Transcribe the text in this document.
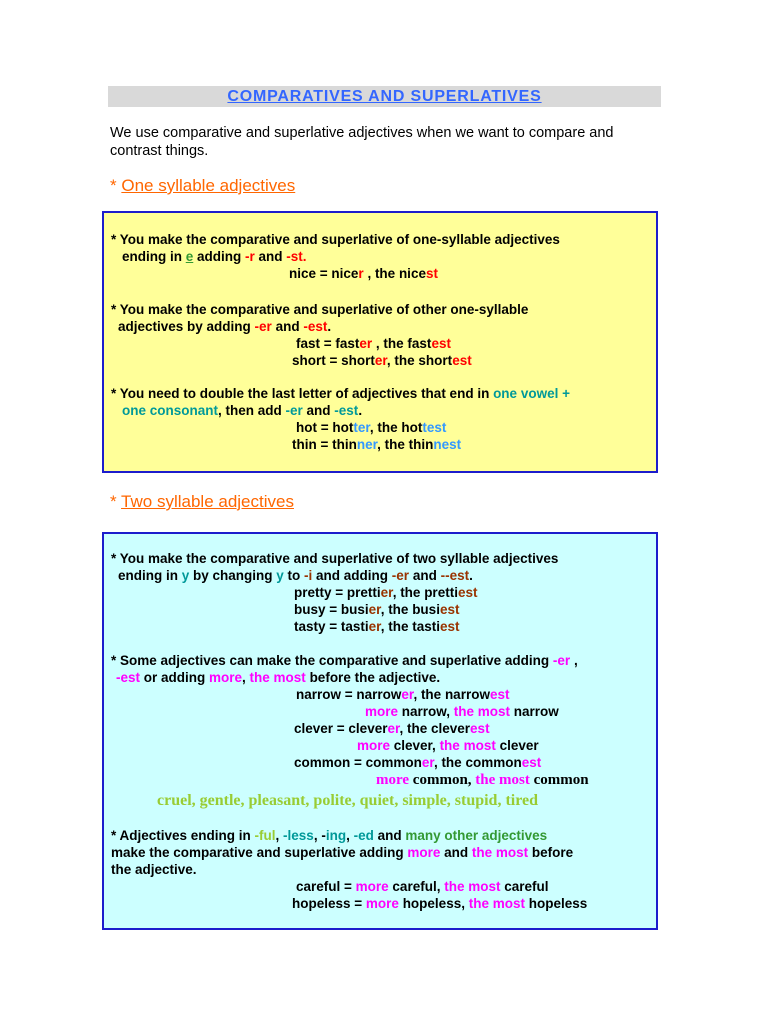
COMPARATIVES AND SUPERLATIVES
We use comparative and superlative adjectives when we want to compare and contrast things.
* One syllable adjectives
* You make the comparative and superlative of one-syllable adjectives
ending in e adding -r and -st.
nice = nicer , the nicest
* You make the comparative and superlative of other one-syllable
adjectives by adding -er and -est.
fast = faster , the fastest
short = shorter, the shortest
* You need to double the last letter of adjectives that end in one vowel +
one consonant, then add -er and -est.
hot = hotter, the hottest
thin = thinner, the thinnest
* Two syllable adjectives
* You make the comparative and superlative of two syllable adjectives
ending in y by changing y to -i and adding -er and --est.
pretty = prettier, the prettiest
busy = busier, the busiest
tasty = tastier, the tastiest
* Some adjectives can make the comparative and superlative adding -er ,
-est or adding more, the most before the adjective.
narrow = narrower, the narrowest
more narrow, the most narrow
clever = cleverer, the cleverest
more clever, the most clever
common = commoner, the commonest
more common, the most common
cruel, gentle, pleasant, polite, quiet, simple, stupid, tired
* Adjectives ending in -ful, -less, -ing, -ed and many other adjectives
make the comparative and superlative adding more and the most before
the adjective.
careful = more careful, the most careful
hopeless = more hopeless, the most hopeless
